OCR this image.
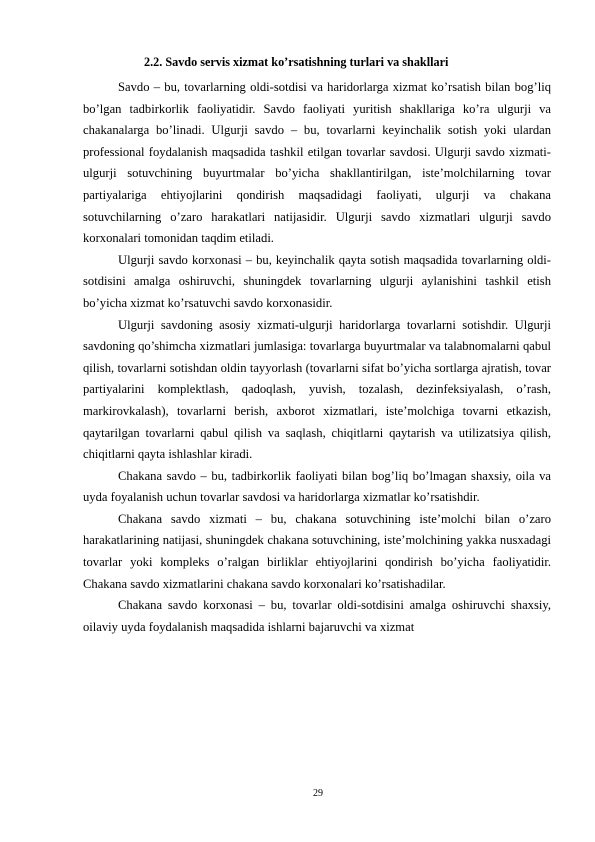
2.2. Savdo servis xizmat ko’rsatishning turlari va shakllari

Savdo – bu, tovarlarning oldi-sotdisi va haridorlarga xizmat ko’rsatish bilan bog’liq bo’lgan tadbirkorlik faoliyatidir. Savdo faoliyati yuritish shakllariga ko’ra ulgurji va chakanalarga bo’linadi. Ulgurji savdo – bu, tovarlarni keyinchalik sotish yoki ulardan professional foydalanish maqsadida tashkil etilgan tovarlar savdosi. Ulgurji savdo xizmati-ulgurji sotuvchining buyurtmalar bo’yicha shakllantirilgan, iste’molchilarning tovar partiyalariga ehtiyojlarini qondirish maqsadidagi faoliyati, ulgurji va chakana sotuvchilarning o’zaro harakatlari natijasidir. Ulgurji savdo xizmatlari ulgurji savdo korxonalari tomonidan taqdim etiladi.

Ulgurji savdo korxonasi – bu, keyinchalik qayta sotish maqsadida tovarlarning oldi-sotdisini amalga oshiruvchi, shuningdek tovarlarning ulgurji aylanishini tashkil etish bo’yicha xizmat ko’rsatuvchi savdo korxonasidir.

Ulgurji savdoning asosiy xizmati-ulgurji haridorlarga tovarlarni sotishdir. Ulgurji savdoning qo’shimcha xizmatlari jumlasiga: tovarlarga buyurtmalar va talabnomalarni qabul qilish, tovarlarni sotishdan oldin tayyorlash (tovarlarni sifat bo’yicha sortlarga ajratish, tovar partiyalarini komplektlash, qadoqlash, yuvish, tozalash, dezinfeksiyalash, o’rash, markirovkalash), tovarlarni berish, axborot xizmatlari, iste’molchiga tovarni etkazish, qaytarilgan tovarlarni qabul qilish va saqlash, chiqitlarni qaytarish va utilizatsiya qilish, chiqitlarni qayta ishlashlar kiradi.

Chakana savdo – bu, tadbirkorlik faoliyati bilan bog’liq bo’lmagan shaxsiy, oila va uyda foyalanish uchun tovarlar savdosi va haridorlarga xizmatlar ko’rsatishdir.

Chakana savdo xizmati – bu, chakana sotuvchining iste’molchi bilan o’zaro harakatlarining natijasi, shuningdek chakana sotuvchining, iste’molchining yakka nusxadagi tovarlar yoki kompleks o’ralgan birliklar ehtiyojlarini qondirish bo’yicha faoliyatidir. Chakana savdo xizmatlarini chakana savdo korxonalari ko’rsatishadilar.

Chakana savdo korxonasi – bu, tovarlar oldi-sotdisini amalga oshiruvchi shaxsiy, oilaviy uyda foydalanish maqsadida ishlarni bajaruvchi va xizmat

29
